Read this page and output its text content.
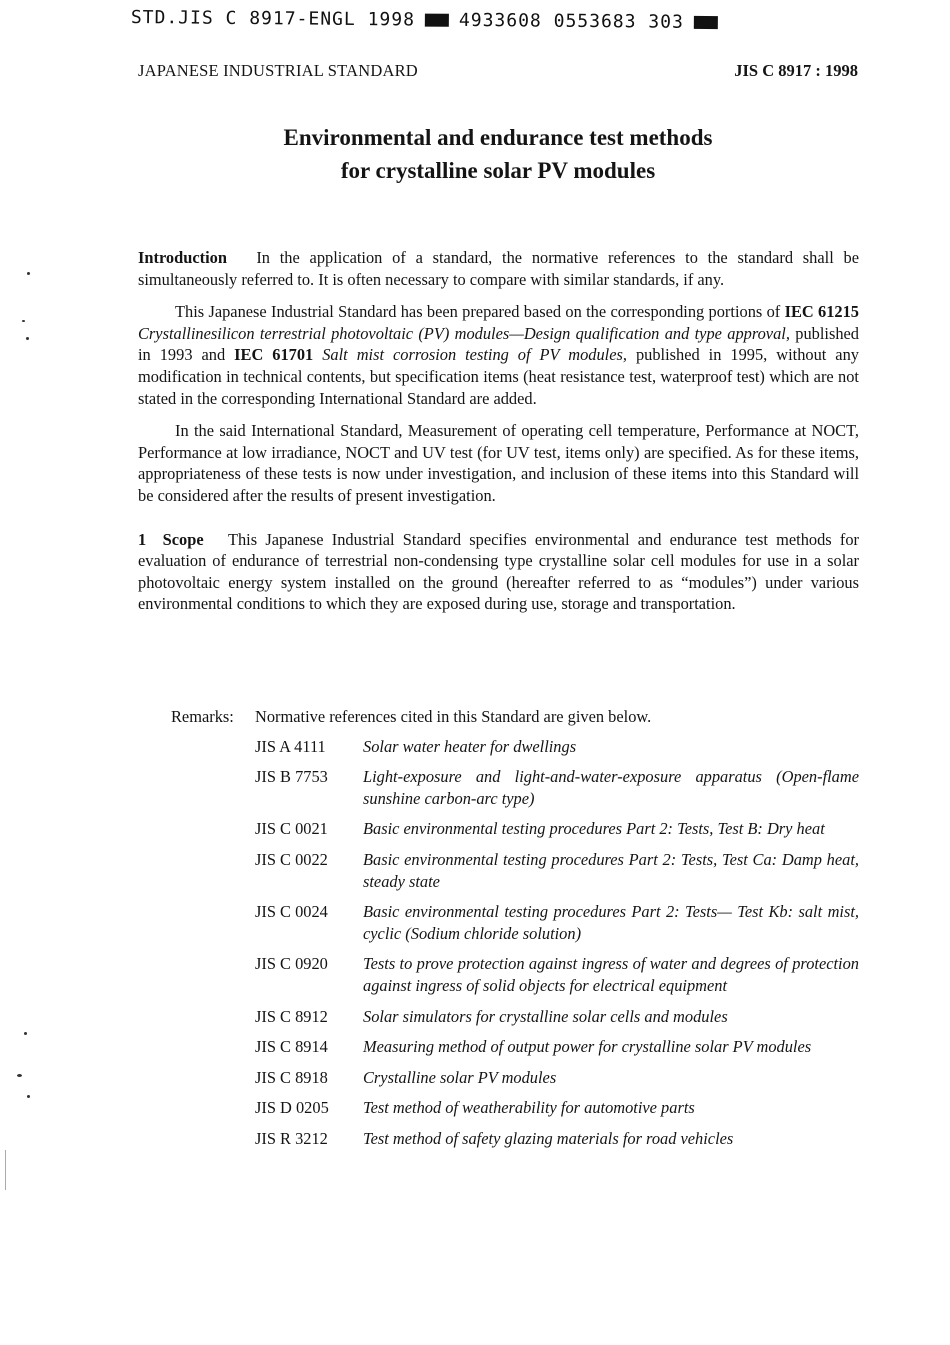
STD.JIS C 8917-ENGL 1998 4933608 0553683 303
JAPANESE INDUSTRIAL STANDARD	JIS C 8917 : 1998
Environmental and endurance test methods
for crystalline solar PV modules

Introduction In the application of a standard, the normative references to the standard shall be simultaneously referred to. It is often necessary to compare with similar standards, if any.

This Japanese Industrial Standard has been prepared based on the corresponding portions of IEC 61215 Crystallinesilicon terrestrial photovoltaic (PV) modules—Design qualification and type approval, published in 1993 and IEC 61701 Salt mist corrosion testing of PV modules, published in 1995, without any modification in technical contents, but specification items (heat resistance test, waterproof test) which are not stated in the corresponding International Standard are added.

In the said International Standard, Measurement of operating cell temperature, Performance at NOCT, Performance at low irradiance, NOCT and UV test (for UV test, items only) are specified. As for these items, appropriateness of these tests is now under investigation, and inclusion of these items into this Standard will be considered after the results of present investigation.

1 Scope This Japanese Industrial Standard specifies environmental and endurance test methods for evaluation of endurance of terrestrial non-condensing type crystalline solar cell modules for use in a solar photovoltaic energy system installed on the ground (hereafter referred to as “modules”) under various environmental conditions to which they are exposed during use, storage and transportation.

Remarks:	Normative references cited in this Standard are given below.
JIS A 4111	Solar water heater for dwellings
JIS B 7753	Light-exposure and light-and-water-exposure apparatus (Open-flame sunshine carbon-arc type)
JIS C 0021	Basic environmental testing procedures Part 2: Tests, Test B: Dry heat
JIS C 0022	Basic environmental testing procedures Part 2: Tests, Test Ca: Damp heat, steady state
JIS C 0024	Basic environmental testing procedures Part 2: Tests— Test Kb: salt mist, cyclic (Sodium chloride solution)
JIS C 0920	Tests to prove protection against ingress of water and degrees of protection against ingress of solid objects for electrical equipment
JIS C 8912	Solar simulators for crystalline solar cells and modules
JIS C 8914	Measuring method of output power for crystalline solar PV modules
JIS C 8918	Crystalline solar PV modules
JIS D 0205	Test method of weatherability for automotive parts
JIS R 3212	Test method of safety glazing materials for road vehicles
